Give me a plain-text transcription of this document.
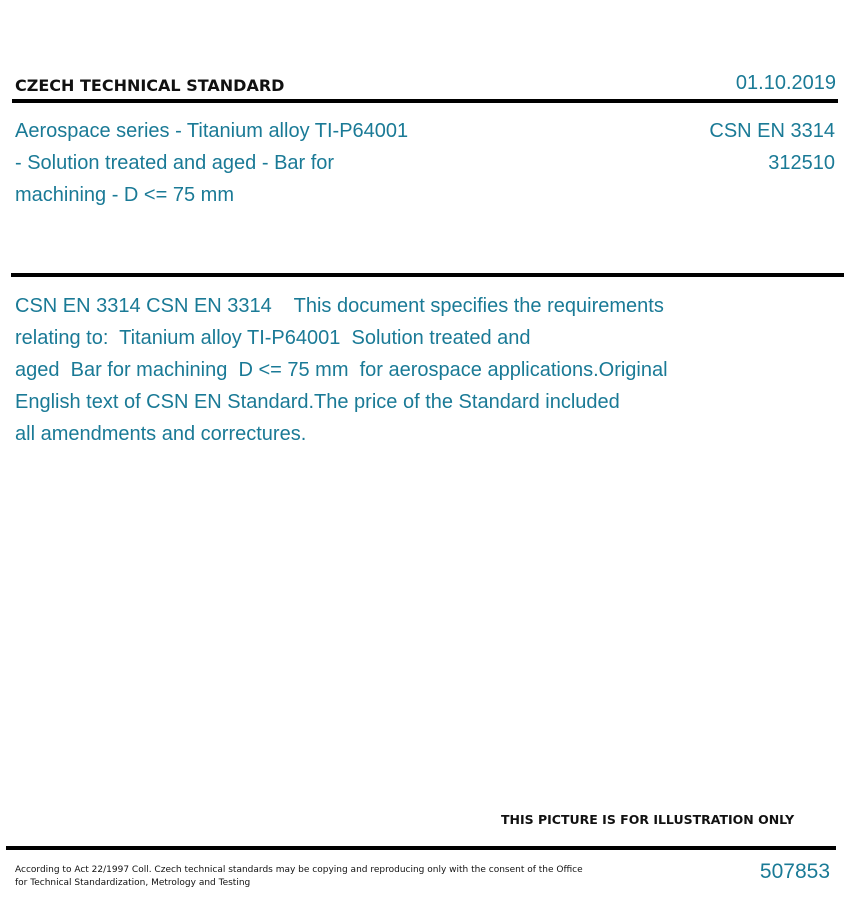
CZECH TECHNICAL STANDARD	01.10.2019
Aerospace series - Titanium alloy TI-P64001
- Solution treated and aged - Bar for
machining - D <= 75 mm
CSN EN 3314
312510
CSN EN 3314 CSN EN 3314    This document specifies the requirements
relating to:  Titanium alloy TI-P64001  Solution treated and
aged  Bar for machining  D <= 75 mm  for aerospace applications.Original
English text of CSN EN Standard.The price of the Standard included
all amendments and correctures.
THIS PICTURE IS FOR ILLUSTRATION ONLY
According to Act 22/1997 Coll. Czech technical standards may be copying and reproducing only with the consent of the Office
for Technical Standardization, Metrology and Testing	507853
